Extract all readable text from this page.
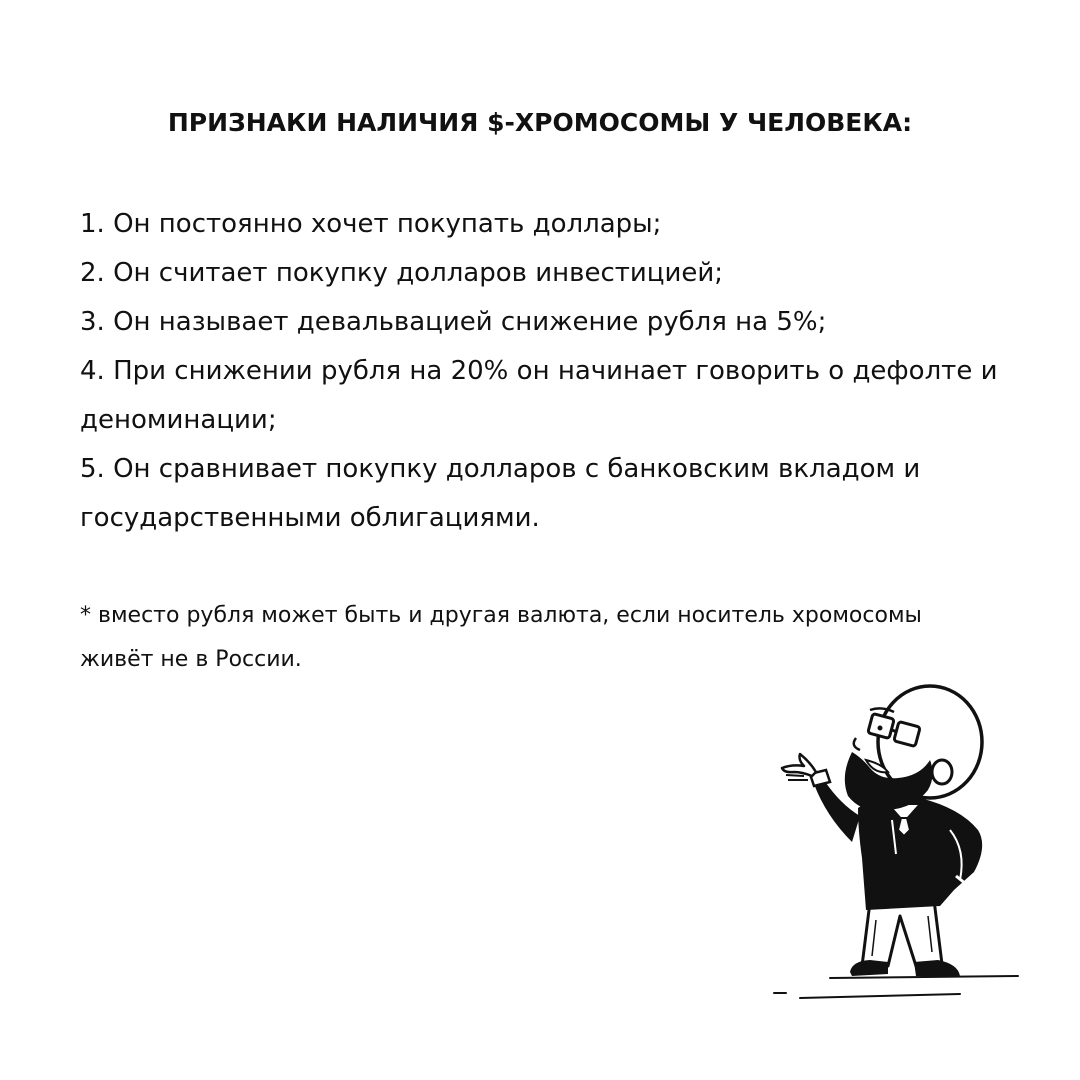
ПРИЗНАКИ НАЛИЧИЯ $-ХРОМОСОМЫ У ЧЕЛОВЕКА:
1. Он постоянно хочет покупать доллары;
2. Он считает покупку долларов инвестицией;
3. Он называет девальвацией снижение рубля на 5%;
4. При снижении рубля на 20% он начинает говорить о дефолте и деноминации;
5. Он сравнивает покупку долларов с банковским вкладом и государственными облигациями.

* вместо рубля может быть и другая валюта, если носитель хромосомы живёт не в России.
